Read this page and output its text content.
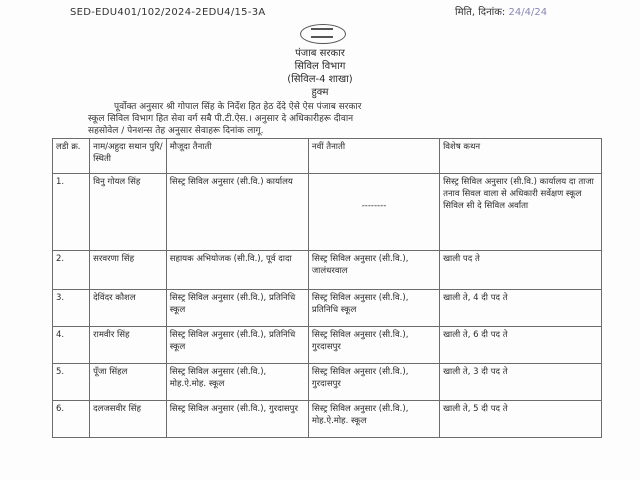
SED-EDU401/102/2024-2EDU4/15-3A	मिति, दिनांक: 24/4/24
पंजाब सरकार
सिविल विभाग
(सिविल-4 शाखा)
हुक्म
पूर्वोक्त अनुसार श्री गोपाल सिंह के निर्देश हित हेठ देंदे ऐसे ऐस पंजाब सरकार
स्कूल सिविल विभाग हित सेवा वर्ग सबै पी.टी.ऐस.। अनुसार दे अधिकारीहरू दीवान
सहसोवेल / पेनशन्स तेह अनुसार सेवाहरू दिनांक लागू.
लडी क्र.	नाम/अहुदा सथान पुरि/स्थिती	मौजूदा तैनाती	नवीं तैनाती	विशेष कथन
1.	विनु गोयल सिंह	सिस्ट्र सिविल अनुसार (सी.वि.) कार्यालय	--------	सिस्ट्र सिविल अनुसार (सी.वि.) कार्यालय दा ताजा तनाव सिवल वाला से अधिकारी सर्वेक्षण स्कूल सिविल सी दे सिविल अर्वांता
2.	सरवरणा सिंह	सहायक अभियोजक (सी.वि.), पूर्व दादा	सिस्ट्र सिविल अनुसार (सी.वि.), जालंधरवाल	खाली पद ते
3.	देविंदर कौशल	सिस्ट्र सिविल अनुसार (सी.वि.), प्रतिनिधि स्कूल	सिस्ट्र सिविल अनुसार (सी.वि.), प्रतिनिधि स्कूल	खाली ते, 4 दी पद ते
4.	रामवीर सिंह	सिस्ट्र सिविल अनुसार (सी.वि.), प्रतिनिधि स्कूल	सिस्ट्र सिविल अनुसार (सी.वि.), गुरदासपुर	खाली ते, 6 दी पद ते
5.	पूँजा सिंहल	सिस्ट्र सिविल अनुसार (सी.वि.), मोह.ऐ.मोह. स्कूल	सिस्ट्र सिविल अनुसार (सी.वि.), गुरदासपुर	खाली ते, 3 दी पद ते
6.	दलजसवीर सिंह	सिस्ट्र सिविल अनुसार (सी.वि.), गुरदासपुर	सिस्ट्र सिविल अनुसार (सी.वि.), मोह.ऐ.मोह. स्कूल	खाली ते, 5 दी पद ते
